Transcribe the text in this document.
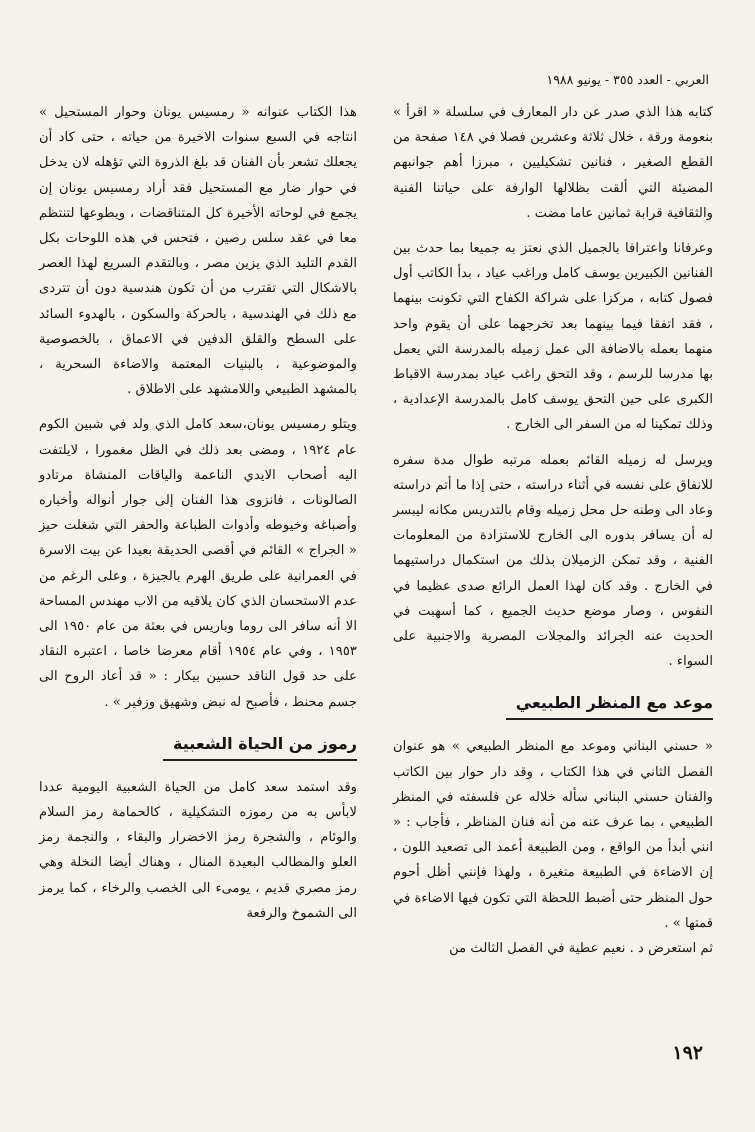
العربي - العدد ٣٥٥ - يونيو ١٩٨٨

كتابه هذا الذي صدر عن دار المعارف في سلسلة « اقرأ » بنعومة ورقة ، خلال ثلاثة وعشرين فصلا في ١٤٨ صفحة من القطع الصغير ، فنانين تشكيليين ، مبرزا أهم جوانبهم المضيئة التي ألقت بظلالها الوارفة على حياتنا الفنية والثقافية قرابة ثمانين عاما مضت .

وعرفانا واعترافا بالجميل الذي نعتز به جميعا بما حدث بين الفنانين الكبيرين يوسف كامل وراغب عياد ، بدأ الكاتب أول فصول كتابه ، مركزا على شراكة الكفاح التي تكونت بينهما ، فقد اتفقا فيما بينهما بعد تخرجهما على أن يقوم واحد منهما بعمله بالاضافة الى عمل زميله بالمدرسة التي يعمل بها مدرسا للرسم ، وقد التحق راغب عياد بمدرسة الاقباط الكبرى على حين التحق يوسف كامل بالمدرسة الإعدادية ، وذلك تمكينا له من السفر الى الخارج .

ويرسل له زميله القائم بعمله مرتبه طوال مدة سفره للانفاق على نفسه في أثناء دراسته ، حتى إذا ما أتم دراسته وعاد الى وطنه حل محل زميله وقام بالتدريس مكانه ليبسر له أن يسافر بدوره الى الخارج للاستزادة من المعلومات الفنية ، وقد تمكن الزميلان بذلك من استكمال دراستيهما في الخارج . وقد كان لهذا العمل الرائع صدى عظيما في النفوس ، وصار موضع حديث الجميع ، كما أسهبت في الحديث عنه الجرائد والمجلات المصرية والاجنبية على السواء .

موعد مع المنظر الطبيعي

« حسني البناني وموعد مع المنظر الطبيعي » هو عنوان الفصل الثاني في هذا الكتاب ، وقد دار حوار بين الكاتب والفنان حسني البناني سأله خلاله عن فلسفته في المنظر الطبيعي ، بما عرف عنه من أنه فنان المناظر ، فأجاب : « انني أبدأ من الواقع ، ومن الطبيعة أعمد الى تصعيد اللون ، إن الاضاءة في الطبيعة متغيرة ، ولهذا فإنني أظل أحوم حول المنظر حتى أضبط اللحظة التي تكون فيها الاضاءة في قمتها » .

ثم استعرض د . نعيم عطية في الفصل الثالث من

هذا الكتاب عنوانه « رمسيس يونان وحوار المستحيل » انتاجه في السبع سنوات الاخيرة من حياته ، حتى كاد أن يجعلك تشعر بأن الفنان قد بلغ الذروة التي تؤهله لان يدخل في حوار ضار مع المستحيل فقد أراد رمسيس يونان إن يجمع في لوحاته الأخيرة كل المتناقضات ، ويطوعها لتنتظم معا في عقد سلس رصين ، فتحس في هذه اللوحات بكل القدم التليد الذي يزين مصر ، وبالتقدم السريع لهذا العصر بالاشكال التي تقترب من أن تكون هندسية دون أن تتردى مع ذلك في الهندسية ، بالحركة والسكون ، بالهدوء السائد على السطح والقلق الدفين في الاعماق ، بالخصوصية والموضوعية ، بالبنيات المعتمة والاضاءة السحرية ، بالمشهد الطبيعي واللامشهد على الاطلاق .

ويتلو رمسيس يونان،سعد كامل الذي ولد في شبين الكوم عام ١٩٢٤ ، ومضى بعد ذلك في الظل مغمورا ، لايلتفت اليه أصحاب الايدي الناعمة والياقات المنشاة مرتادو الصالونات ، فانزوى هذا الفنان إلى جوار أنواله وأخباره وأصباغه وخيوطه وأدوات الطباعة والحفر التي شغلت حيز « الجراج » القائم في أقصى الحديقة بعيدا عن بيت الاسرة في العمرانية على طريق الهرم بالجيزة ، وعلى الرغم من عدم الاستحسان الذي كان يلاقيه من الاب مهندس المساحة الا أنه سافر الى روما وباريس في بعثة من عام ١٩٥٠ الى ١٩٥٣ ، وفي عام ١٩٥٤ أقام معرضا خاصا ، اعتبره النقاد على حد قول الناقد حسين بيكار : « قد أعاد الروح الى جسم محنط ، فأصبح له نبض وشهيق وزفير » .

رموز من الحياة الشعبية

وقد استمد سعد كامل من الحياة الشعبية اليومية عددا لابأس به من رموزه التشكيلية ، كالحمامة رمز السلام والوئام ، والشجرة رمز الاخضرار والبقاء ، والنجمة رمز العلو والمطالب البعيدة المنال ، وهناك أيضا النخلة وهي رمز مصري قديم ، يومىء الى الخصب والرخاء ، كما يرمز الى الشموخ والرفعة

١٩٢
